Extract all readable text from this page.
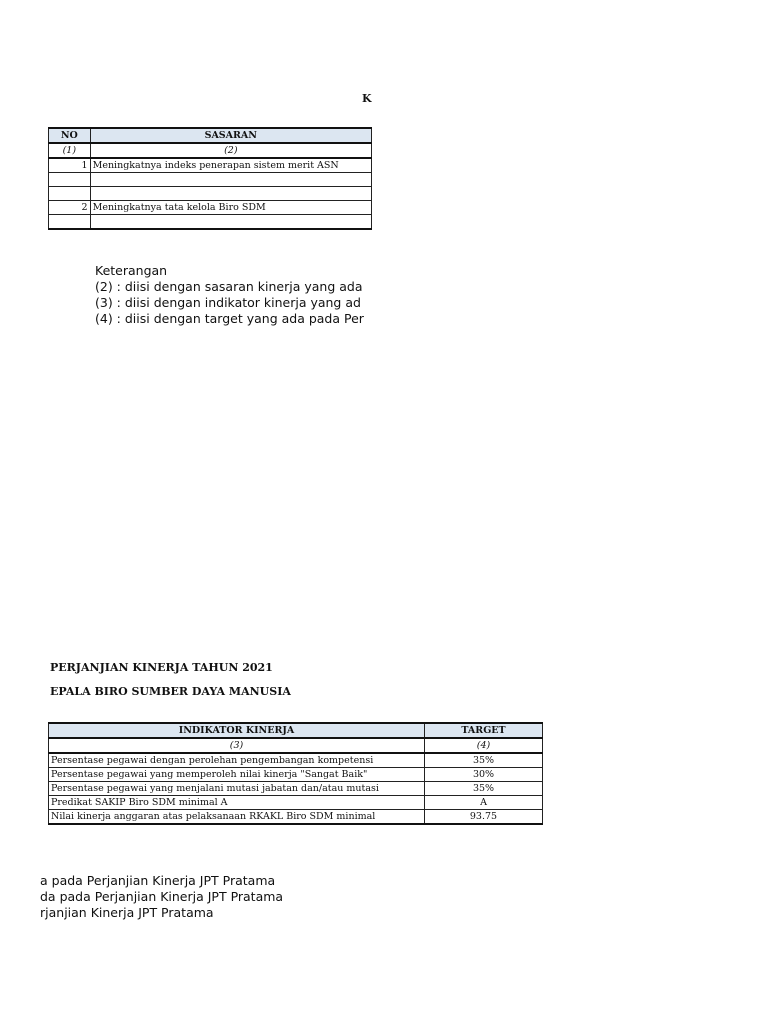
K
NO	SASARAN
(1)	(2)
1	Meningkatnya indeks penerapan sistem merit ASN

2	Meningkatnya tata kelola Biro SDM

Keterangan
(2) : diisi dengan sasaran kinerja yang ada
(3) : diisi dengan indikator kinerja yang ad
(4) : diisi dengan target yang ada pada Per
PERJANJIAN KINERJA TAHUN 2021
EPALA BIRO SUMBER DAYA MANUSIA
INDIKATOR KINERJA	TARGET
(3)	(4)
Persentase pegawai dengan perolehan pengembangan kompetensi	35%
Persentase pegawai yang memperoleh nilai kinerja "Sangat Baik"	30%
Persentase pegawai yang menjalani mutasi jabatan dan/atau mutasi	35%
Predikat SAKIP Biro SDM minimal A	A
Nilai kinerja anggaran atas pelaksanaan RKAKL Biro SDM minimal	93.75
a pada Perjanjian Kinerja JPT Pratama
da pada Perjanjian Kinerja JPT Pratama
rjanjian Kinerja JPT Pratama
